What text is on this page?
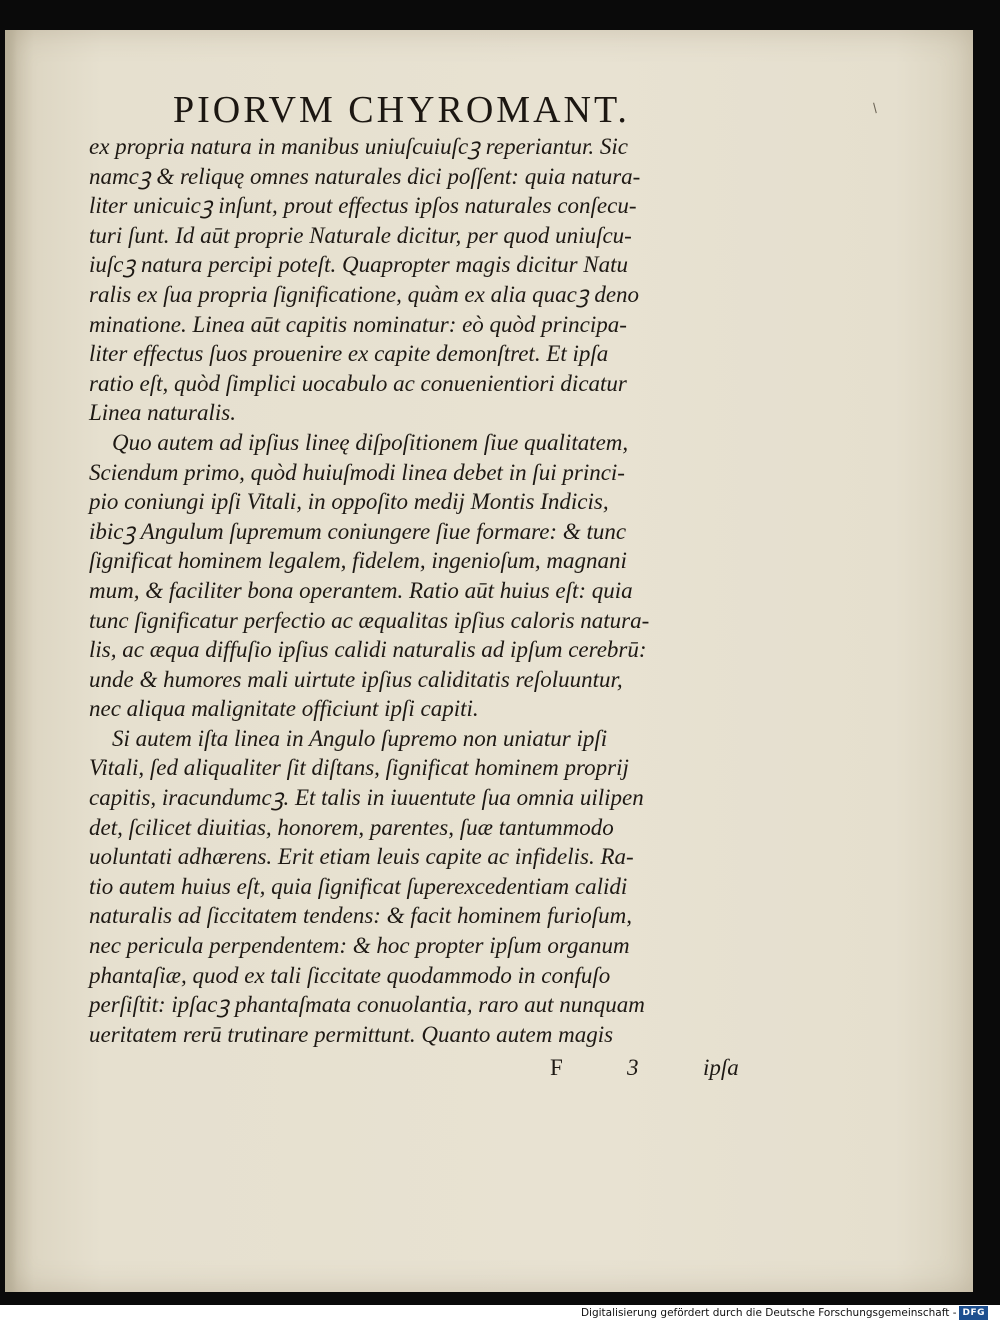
PIORVM CHYROMANT.	/
ex propria natura in manibus uniuſcuiuſcꝫ reperiantur. Sic
namcꝫ & reliquę omnes naturales dici poſſent: quia natura-
liter unicuicꝫ inſunt, prout effectus ipſos naturales conſecu-
turi ſunt. Id aūt proprie Naturale dicitur, per quod uniuſcu-
iuſcꝫ natura percipi poteſt. Quapropter magis dicitur Natu
ralis ex ſua propria ſignificatione, quàm ex alia quacꝫ deno
minatione. Linea aūt capitis nominatur: eò quòd principa-
liter effectus ſuos prouenire ex capite demonſtret. Et ipſa
ratio eſt, quòd ſimplici uocabulo ac conuenientiori dicatur
Linea naturalis.
Quo autem ad ipſius lineę diſpoſitionem ſiue qualitatem,
Sciendum primo, quòd huiuſmodi linea debet in ſui princi-
pio coniungi ipſi Vitali, in oppoſito medij Montis Indicis,
ibicꝫ Angulum ſupremum coniungere ſiue formare: & tunc
ſignificat hominem legalem, fidelem, ingenioſum, magnani
mum, & faciliter bona operantem. Ratio aūt huius eſt: quia
tunc ſignificatur perfectio ac æqualitas ipſius caloris natura-
lis, ac æqua diffuſio ipſius calidi naturalis ad ipſum cerebrū:
unde & humores mali uirtute ipſius caliditatis reſoluuntur,
nec aliqua malignitate officiunt ipſi capiti.
Si autem iſta linea in Angulo ſupremo non uniatur ipſi
Vitali, ſed aliqualiter ſit diſtans, ſignificat hominem proprij
capitis, iracundumcꝫ. Et talis in iuuentute ſua omnia uilipen
det, ſcilicet diuitias, honorem, parentes, ſuæ tantummodo
uoluntati adhærens. Erit etiam leuis capite ac infidelis. Ra-
tio autem huius eſt, quia ſignificat ſuperexcedentiam calidi
naturalis ad ſiccitatem tendens: & facit hominem furioſum,
nec pericula perpendentem: & hoc propter ipſum organum
phantaſiæ, quod ex tali ſiccitate quodammodo in confuſo
perſiſtit: ipſacꝫ phantaſmata conuolantia, raro aut nunquam
ueritatem rerū trutinare permittunt. Quanto autem magis
F	3	ipſa
Digitalisierung gefördert durch die Deutsche Forschungsgemeinschaft - DFG
